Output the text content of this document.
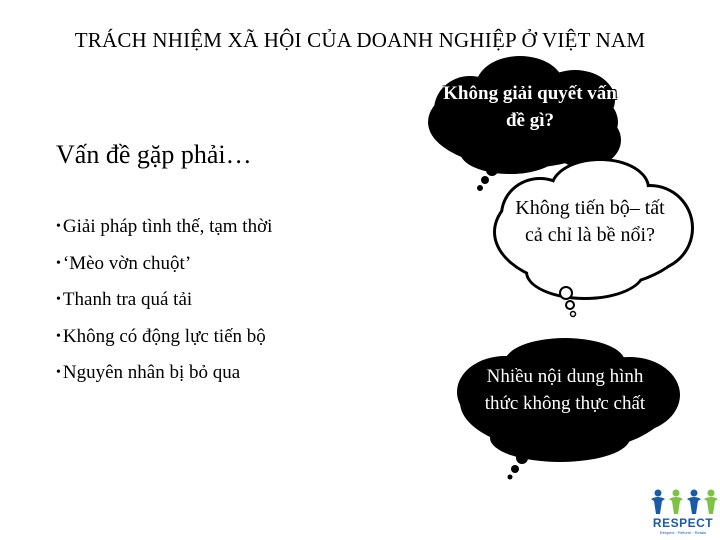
TRÁCH NHIỆM XÃ HỘI CỦA DOANH NGHIỆP Ở VIỆT NAM
Vấn đề gặp phải…
• Giải pháp tình thế, tạm thời
• ‘Mèo vờn chuột’
• Thanh tra quá tải
• Không có động lực tiến bộ
• Nguyên nhân bị bỏ qua
Không giải quyết vấn đề gì?
Không tiến bộ– tất cả chỉ là bề nổi?
Nhiều nội dung hình thức không thực chất
RESPECT
Respect · Reform · Retain
